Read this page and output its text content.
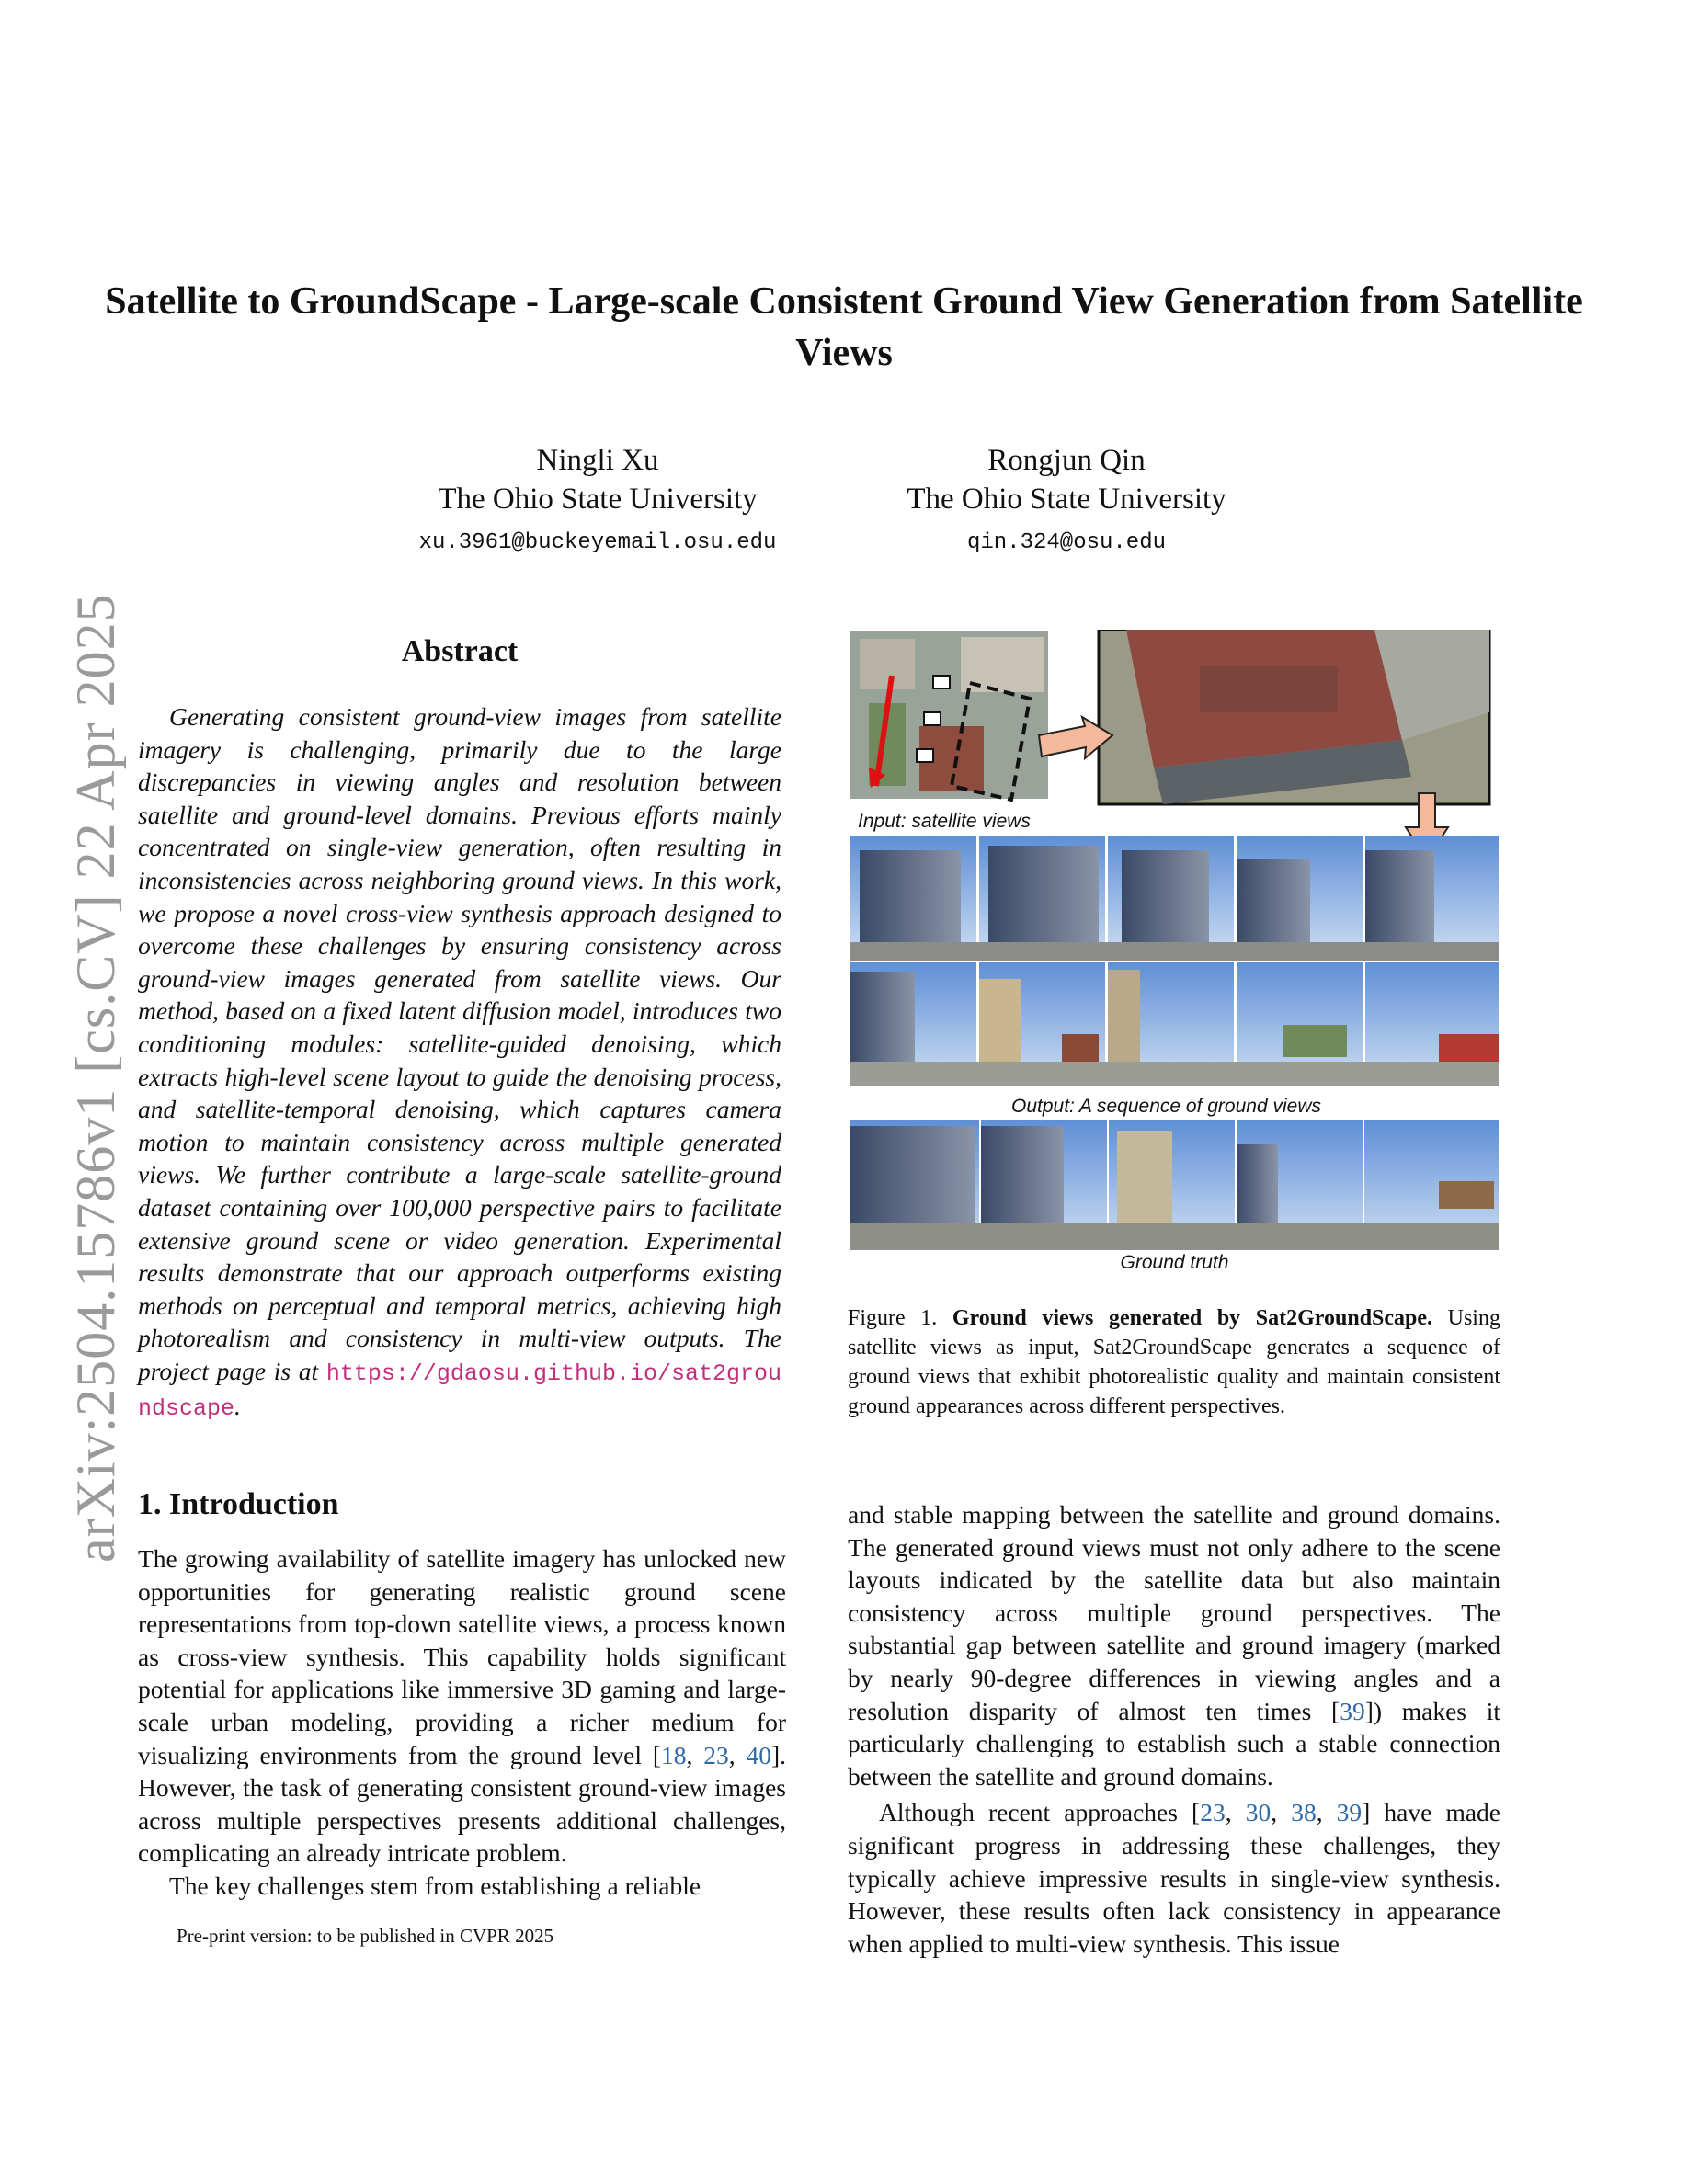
arXiv:2504.15786v1 [cs.CV] 22 Apr 2025
Satellite to GroundScape - Large-scale Consistent Ground View Generation from Satellite Views
Ningli Xu
The Ohio State University
xu.3961@buckeyemail.osu.edu
Rongjun Qin
The Ohio State University
qin.324@osu.edu
Abstract

Generating consistent ground-view images from satellite imagery is challenging, primarily due to the large discrepancies in viewing angles and resolution between satellite and ground-level domains. Previous efforts mainly concentrated on single-view generation, often resulting in inconsistencies across neighboring ground views. In this work, we propose a novel cross-view synthesis approach designed to overcome these challenges by ensuring consistency across ground-view images generated from satellite views. Our method, based on a fixed latent diffusion model, introduces two conditioning modules: satellite-guided denoising, which extracts high-level scene layout to guide the denoising process, and satellite-temporal denoising, which captures camera motion to maintain consistency across multiple generated views. We further contribute a large-scale satellite-ground dataset containing over 100,000 perspective pairs to facilitate extensive ground scene or video generation. Experimental results demonstrate that our approach outperforms existing methods on perceptual and temporal metrics, achieving high photorealism and consistency in multi-view outputs. The project page is at https://gdaosu.github.io/sat2groundscape.

Input: satellite views
Output: A sequence of ground views
Ground truth

Figure 1. Ground views generated by Sat2GroundScape. Using satellite views as input, Sat2GroundScape generates a sequence of ground views that exhibit photorealistic quality and maintain consistent ground appearances across different perspectives.

1. Introduction

The growing availability of satellite imagery has unlocked new opportunities for generating realistic ground scene representations from top-down satellite views, a process known as cross-view synthesis. This capability holds significant potential for applications like immersive 3D gaming and large-scale urban modeling, providing a richer medium for visualizing environments from the ground level [18, 23, 40]. However, the task of generating consistent ground-view images across multiple perspectives presents additional challenges, complicating an already intricate problem.

The key challenges stem from establishing a reliable

and stable mapping between the satellite and ground domains. The generated ground views must not only adhere to the scene layouts indicated by the satellite data but also maintain consistency across multiple ground perspectives. The substantial gap between satellite and ground imagery (marked by nearly 90-degree differences in viewing angles and a resolution disparity of almost ten times [39]) makes it particularly challenging to establish such a stable connection between the satellite and ground domains.

Although recent approaches [23, 30, 38, 39] have made significant progress in addressing these challenges, they typically achieve impressive results in single-view synthesis. However, these results often lack consistency in appearance when applied to multi-view synthesis. This issue

Pre-print version: to be published in CVPR 2025
